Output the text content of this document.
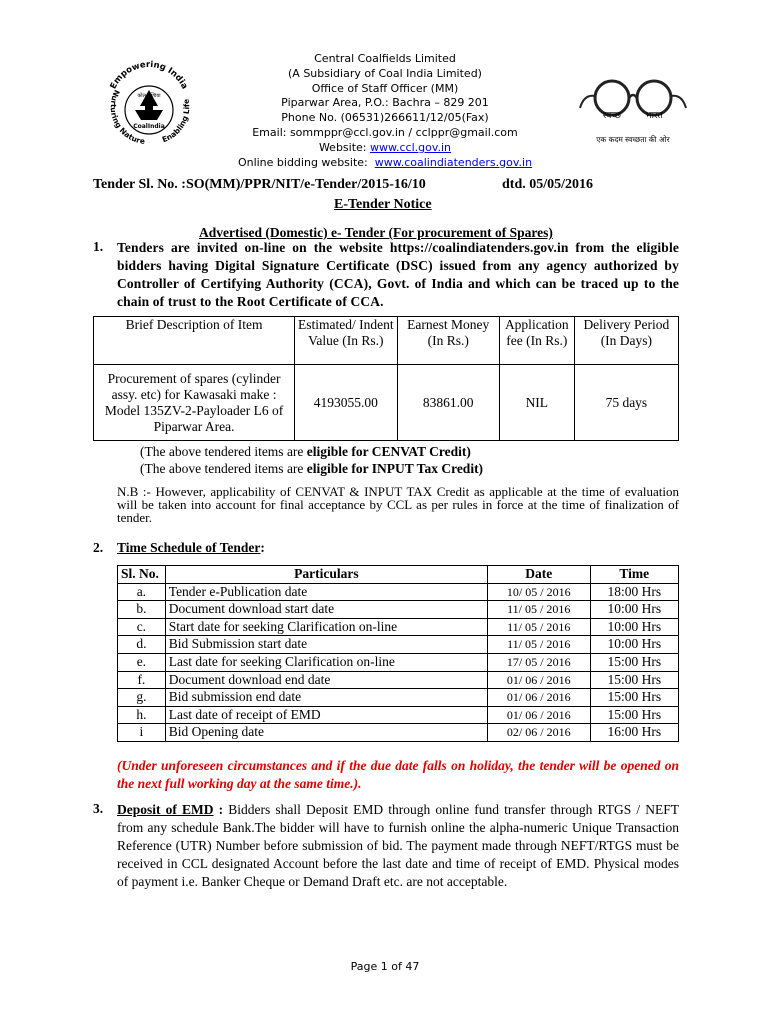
Empowering India
Nurturing Nature Enabling Life
कोल इण्डिया
CoalIndia
Central Coalfields Limited
(A Subsidiary of Coal India Limited)
Office of Staff Officer (MM)
Piparwar Area, P.O.: Bachra – 829 201
Phone No. (06531)266611/12/05(Fax)
Email: sommppr@ccl.gov.in / cclppr@gmail.com
Website: www.ccl.gov.in
Online bidding website: www.coalindiatenders.gov.in
स्वच्छ	भारत
एक कदम स्वच्छता की ओर
Tender Sl. No. :SO(MM)/PPR/NIT/e-Tender/2015-16/10	dtd. 05/05/2016
E-Tender Notice
Advertised (Domestic) e- Tender (For procurement of Spares)
1. Tenders are invited on-line on the website https://coalindiatenders.gov.in from the eligible bidders having Digital Signature Certificate (DSC) issued from any agency authorized by Controller of Certifying Authority (CCA), Govt. of India and which can be traced up to the chain of trust to the Root Certificate of CCA.
Brief Description of Item	Estimated/ Indent Value (In Rs.)	Earnest Money (In Rs.)	Application fee (In Rs.)	Delivery Period (In Days)
Procurement of spares (cylinder assy. etc) for Kawasaki make : Model 135ZV-2-Payloader L6 of Piparwar Area.	4193055.00	83861.00	NIL	75 days
(The above tendered items are eligible for CENVAT Credit)
(The above tendered items are eligible for INPUT Tax Credit)
N.B :- However, applicability of CENVAT & INPUT TAX Credit as applicable at the time of evaluation will be taken into account for final acceptance by CCL as per rules in force at the time of finalization of tender.
2. Time Schedule of Tender:
Sl. No.	Particulars	Date	Time
a.	Tender e-Publication date	10/ 05 / 2016	18:00 Hrs
b.	Document download start date	11/ 05 / 2016	10:00 Hrs
c.	Start date for seeking Clarification on-line	11/ 05 / 2016	10:00 Hrs
d.	Bid Submission start date	11/ 05 / 2016	10:00 Hrs
e.	Last date for seeking Clarification on-line	17/ 05 / 2016	15:00 Hrs
f.	Document download end date	01/ 06 / 2016	15:00 Hrs
g.	Bid submission end date	01/ 06 / 2016	15:00 Hrs
h.	Last date of receipt of EMD	01/ 06 / 2016	15:00 Hrs
i	Bid Opening date	02/ 06 / 2016	16:00 Hrs
(Under unforeseen circumstances and if the due date falls on holiday, the tender will be opened on the next full working day at the same time.).
3. Deposit of EMD : Bidders shall Deposit EMD through online fund transfer through RTGS / NEFT from any schedule Bank.The bidder will have to furnish online the alpha-numeric Unique Transaction Reference (UTR) Number before submission of bid. The payment made through NEFT/RTGS must be received in CCL designated Account before the last date and time of receipt of EMD. Physical modes of payment i.e. Banker Cheque or Demand Draft etc. are not acceptable.
Page 1 of 47
